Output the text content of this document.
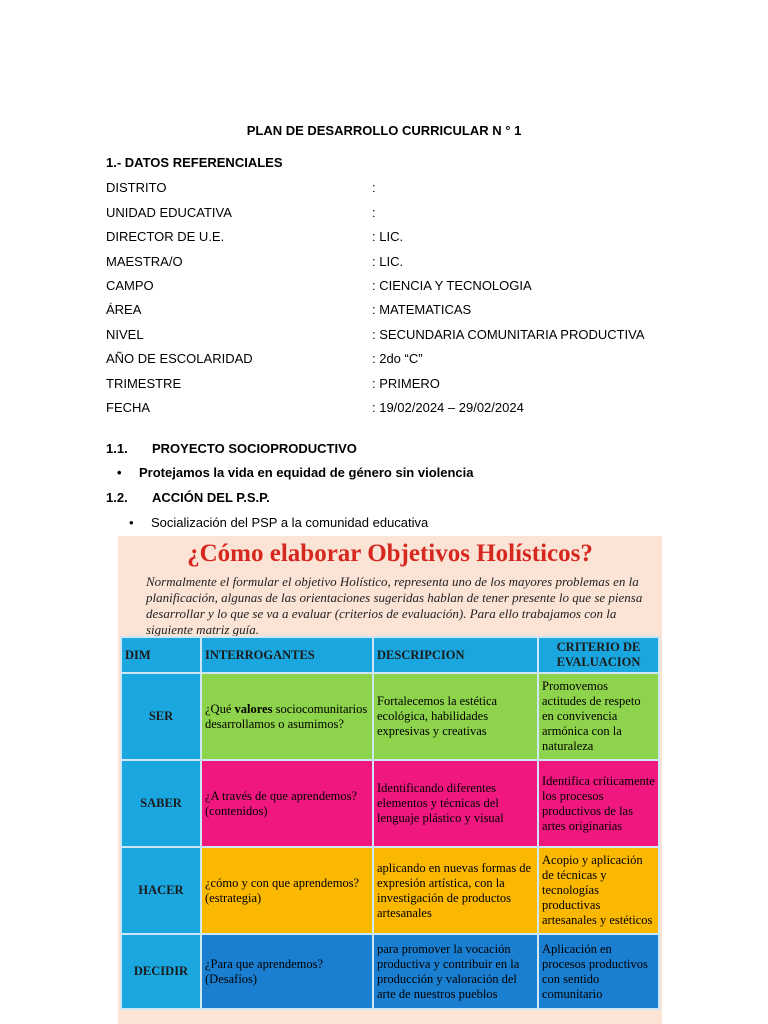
PLAN DE DESARROLLO CURRICULAR N ° 1
1.- DATOS REFERENCIALES
DISTRITO	:
UNIDAD EDUCATIVA	:
DIRECTOR DE U.E.	: LIC.
MAESTRA/O	: LIC.
CAMPO	: CIENCIA Y TECNOLOGIA
ÁREA	: MATEMATICAS
NIVEL	: SECUNDARIA COMUNITARIA PRODUCTIVA
AÑO DE ESCOLARIDAD	: 2do “C”
TRIMESTRE	: PRIMERO
FECHA	: 19/02/2024 – 29/02/2024
1.1. PROYECTO SOCIOPRODUCTIVO
• Protejamos la vida en equidad de género sin violencia
1.2. ACCIÓN DEL P.S.P.
• Socialización del PSP a la comunidad educativa
¿Cómo elaborar Objetivos Holísticos?
Normalmente el formular el objetivo Holístico, representa uno de los mayores problemas en la planificación, algunas de las orientaciones sugeridas hablan de tener presente lo que se piensa desarrollar y lo que se va a evaluar (criterios de evaluación). Para ello trabajamos con la siguiente matriz guía.
DIM	INTERROGANTES	DESCRIPCION	CRITERIO DE EVALUACION
SER	¿Qué valores sociocomunitarios desarrollamos o asumimos?	Fortalecemos la estética ecológica, habilidades expresivas y creativas	Promovemos actitudes de respeto en convivencia armónica con la naturaleza
SABER	¿A través de que aprendemos? (contenidos)	Identificando diferentes elementos y técnicas del lenguaje plástico y visual	Identifica críticamente los procesos productivos de las artes originarias
HACER	¿cómo y con que aprendemos? (estrategia)	aplicando en nuevas formas de expresión artística, con la investigación de productos artesanales	Acopio y aplicación de técnicas y tecnologías productivas artesanales y estéticos
DECIDIR	¿Para que aprendemos? (Desafíos)	para promover la vocación productiva y contribuir en la producción y valoración del arte de nuestros pueblos	Aplicación en procesos productivos con sentido comunitario
